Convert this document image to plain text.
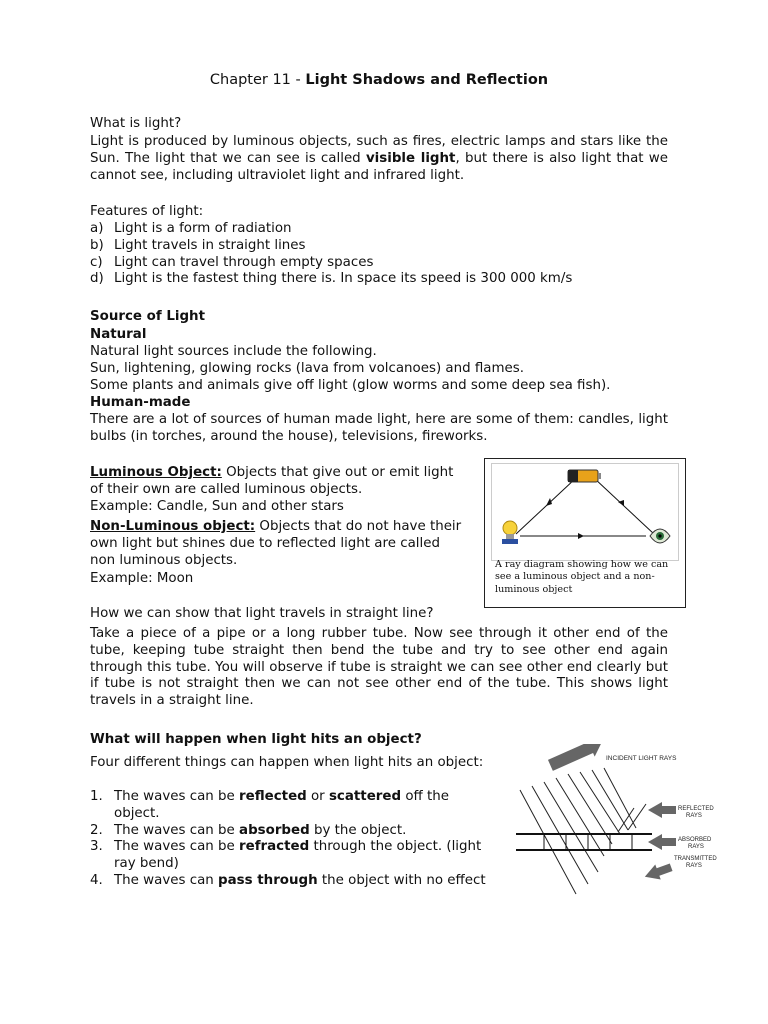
Chapter 11 - Light Shadows and Reflection
What is light?
Light is produced by luminous objects, such as fires, electric lamps and stars like the Sun. The light that we can see is called visible light, but there is also light that we cannot see, including ultraviolet light and infrared light.
Features of light:
a) Light is a form of radiation
b) Light travels in straight lines
c) Light can travel through empty spaces
d) Light is the fastest thing there is. In space its speed is 300 000 km/s
Source of Light
Natural
Natural light sources include the following.
Sun, lightening, glowing rocks (lava from volcanoes) and flames.
Some plants and animals give off light (glow worms and some deep sea fish).
Human-made
There are a lot of sources of human made light, here are some of them: candles, light bulbs (in torches, around the house), televisions, fireworks.
Luminous Object: Objects that give out or emit light of their own are called luminous objects.
Example: Candle, Sun and other stars
Non-Luminous object: Objects that do not have their own light but shines due to reflected light are called non luminous objects.
Example: Moon
How we can show that light travels in straight line?
Take a piece of a pipe or a long rubber tube. Now see through it other end of the tube, keeping tube straight then bend the tube and try to see other end again through this tube. You will observe if tube is straight we can see other end clearly but if tube is not straight then we can not see other end of the tube. This shows light travels in a straight line.
What will happen when light hits an object?
Four different things can happen when light hits an object:
1. The waves can be reflected or scattered off the object.
2. The waves can be absorbed by the object.
3. The waves can be refracted through the object. (light ray bend)
4. The waves can pass through the object with no effect
A ray diagram showing how we can see a luminous object and a non-luminous object
INCIDENT LIGHT RAYS
REFLECTED
RAYS
ABSORBED
RAYS
TRANSMITTED
RAYS
